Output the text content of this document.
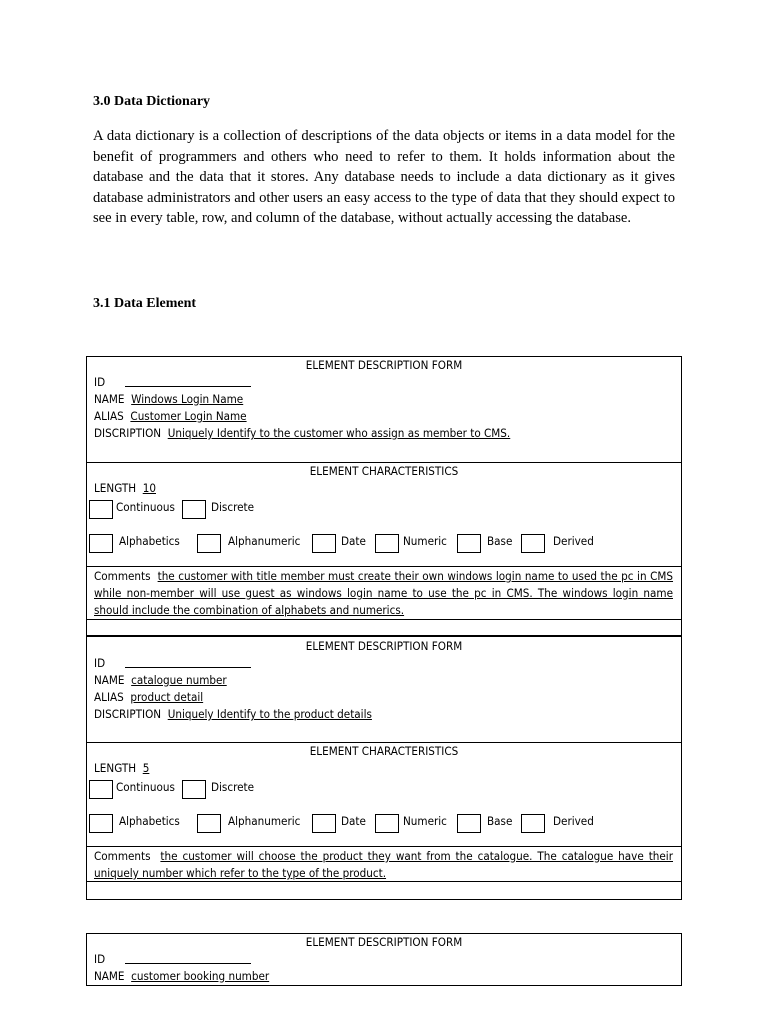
3.0 Data Dictionary

A data dictionary is a collection of descriptions of the data objects or items in a data model for the benefit of programmers and others who need to refer to them. It holds information about the database and the data that it stores. Any database needs to include a data dictionary as it gives database administrators and other users an easy access to the type of data that they should expect to see in every table, row, and column of the database, without actually accessing the database.

3.1 Data Element
ELEMENT DESCRIPTION FORM
ID
NAME Windows Login Name
ALIAS Customer Login Name
DISCRIPTION Uniquely Identify to the customer who assign as member to CMS.
ELEMENT CHARACTERISTICS
LENGTH 10
Continuous	Discrete
Alphabetics	Alphanumeric	Date	Numeric	Base	Derived
Comments the customer with title member must create their own windows login name to used the pc in CMS while non-member will use guest as windows login name to use the pc in CMS. The windows login name should include the combination of alphabets and numerics.
ELEMENT DESCRIPTION FORM
ID
NAME catalogue number
ALIAS product detail
DISCRIPTION Uniquely Identify to the product details
ELEMENT CHARACTERISTICS
LENGTH 5
Continuous	Discrete
Alphabetics	Alphanumeric	Date	Numeric	Base	Derived
Comments the customer will choose the product they want from the catalogue. The catalogue have their uniquely number which refer to the type of the product.
ELEMENT DESCRIPTION FORM
ID
NAME customer booking number
